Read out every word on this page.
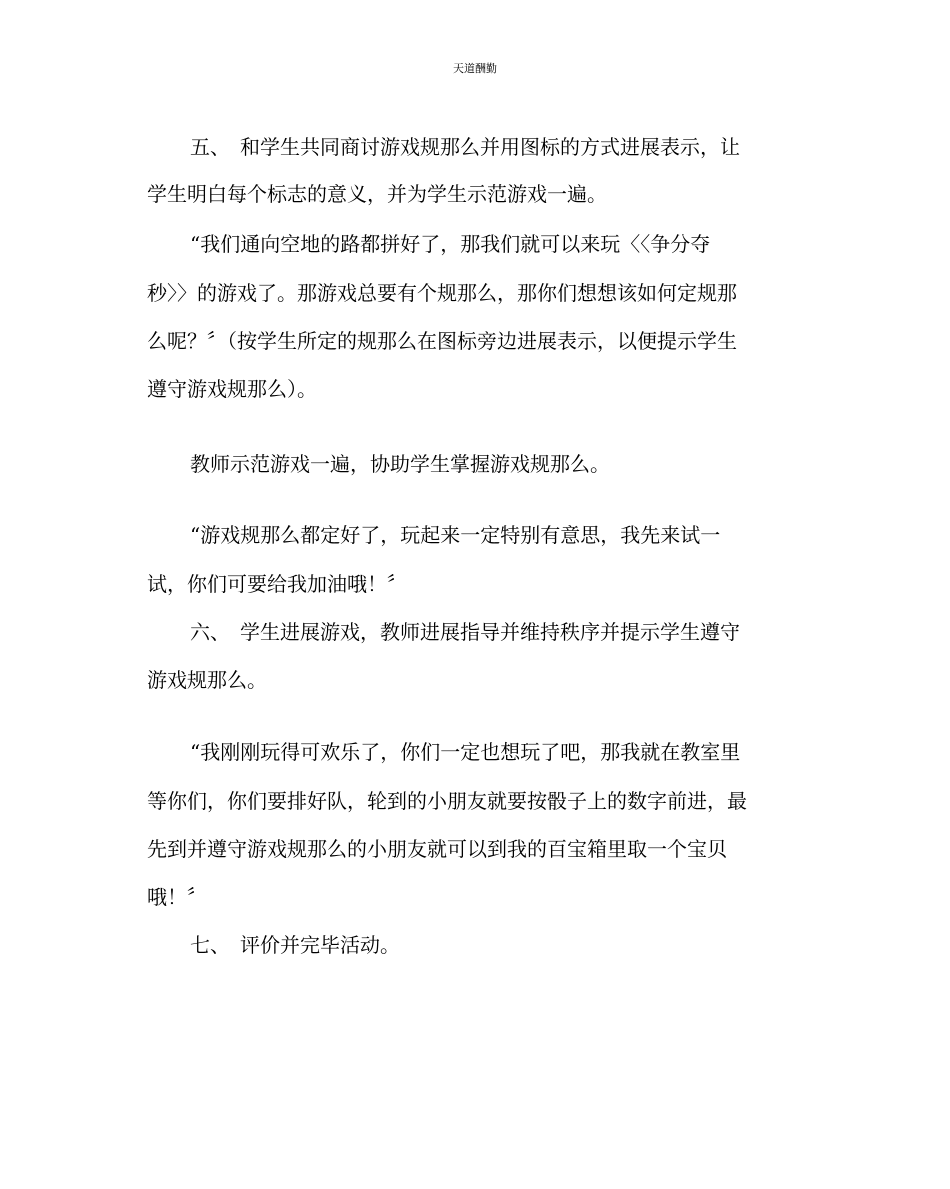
天道酬勤
五、　和学生共同商讨游戏规那么并用图标的方式进展表示，让
学生明白每个标志的意义，并为学生示范游戏一遍。
“我们通向空地的路都拼好了，那我们就可以来玩〈〈争分夺
秒〉〉的游戏了。那游戏总要有个规那么，那你们想想该如何定规那
么呢？〞（按学生所定的规那么在图标旁边进展表示，以便提示学生
遵守游戏规那么）。
教师示范游戏一遍，协助学生掌握游戏规那么。
“游戏规那么都定好了，玩起来一定特别有意思，我先来试一
试，你们可要给我加油哦！〞
六、　学生进展游戏，教师进展指导并维持秩序并提示学生遵守
游戏规那么。
“我刚刚玩得可欢乐了，你们一定也想玩了吧，那我就在教室里
等你们，你们要排好队，轮到的小朋友就要按骰子上的数字前进，最
先到并遵守游戏规那么的小朋友就可以到我的百宝箱里取一个宝贝
哦！〞
七、　评价并完毕活动。
